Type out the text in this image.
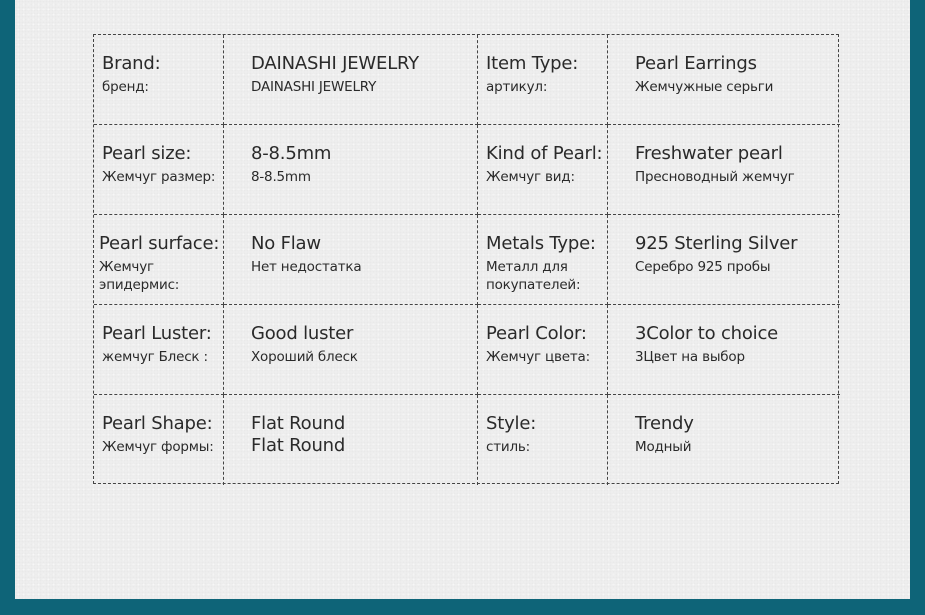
Brand:
бренд:
DAINASHI JEWELRY
DAINASHI JEWELRY
Item Type:
артикул:
Pearl Earrings
Жемчужные серьги
Pearl size:
Жемчуг размер:
8-8.5mm
8-8.5mm
Kind of Pearl:
Жемчуг вид:
Freshwater pearl
Пресноводный жемчуг
Pearl surface:
Жемчуг эпидермис:
No Flaw
Нет недостатка
Metals Type:
Металл для покупателей:
925 Sterling Silver
Серебро 925 пробы
Pearl Luster:
жемчуг Блеск :
Good luster
Хороший блеск
Pearl Color:
Жемчуг цвета:
3Color to choice
3Цвет на выбор
Pearl Shape:
Жемчуг формы:
Flat Round
Flat Round
Style:
стиль:
Trendy
Модный
